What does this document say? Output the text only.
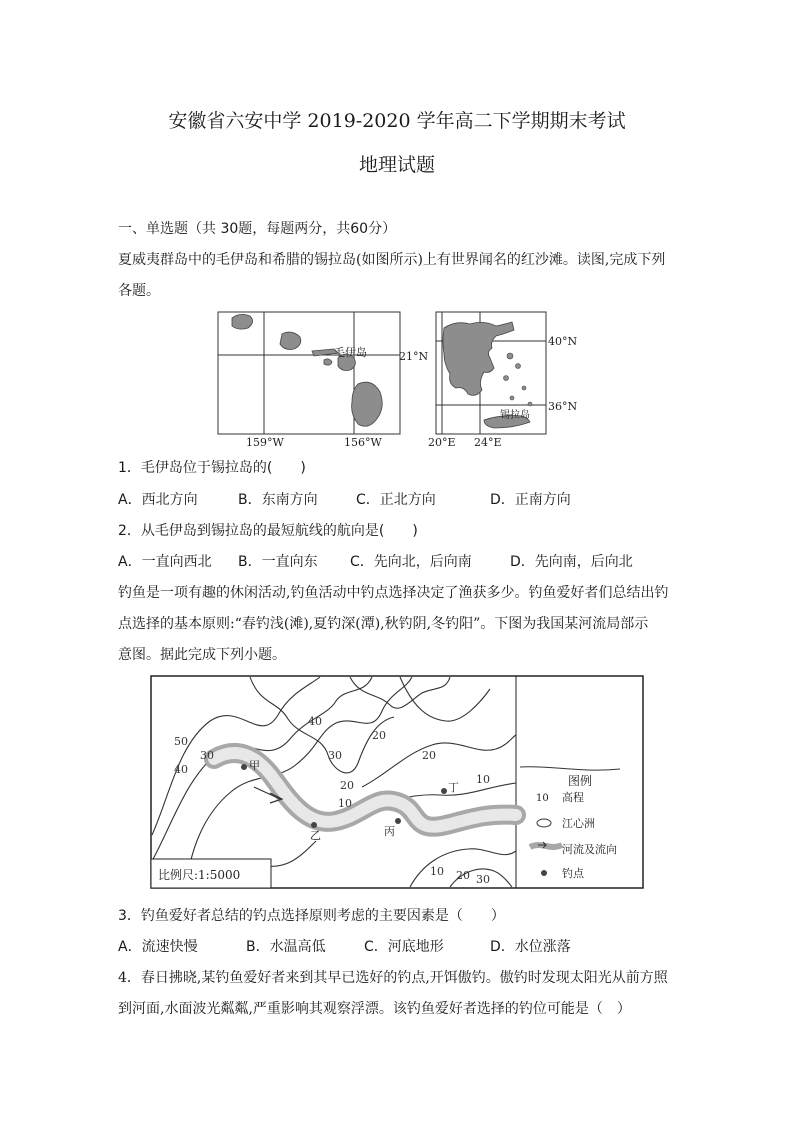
安徽省六安中学 2019-2020 学年高二下学期期末考试
地理试题
一、单选题（共 30题，每题两分，共60分）
夏威夷群岛中的毛伊岛和希腊的锡拉岛(如图所示)上有世界闻名的红沙滩。读图,完成下列
各题。
毛伊岛	21°N
159°W	156°W
40°N
36°N
20°E 24°E
锡拉岛
1．毛伊岛位于锡拉岛的(　　)
A．西北方向	B．东南方向	C．正北方向	D．正南方向
2．从毛伊岛到锡拉岛的最短航线的航向是(　　)
A．一直向西北 B．一直向东 C．先向北，后向南	D．先向南，后向北
钓鱼是一项有趣的休闲活动,钓鱼活动中钓点选择决定了渔获多少。钓鱼爱好者们总结出钓
点选择的基本原则:“春钓浅(滩),夏钓深(潭),秋钓阴,冬钓阳”。下图为我国某河流局部示
意图。据此完成下列小题。
50
40
30
40
30
20
20
10
20
10
10 20 30
甲
乙	丙
丁
比例尺:1:5000
图例
10 高程
江心洲
河流及流向
钓点
3．钓鱼爱好者总结的钓点选择原则考虑的主要因素是（　　）
A．流速快慢	B．水温高低	C．河底地形	D．水位涨落
4．春日拂晓,某钓鱼爱好者来到其早已选好的钓点,开饵傲钓。傲钓时发现太阳光从前方照
到河面,水面波光粼粼,严重影响其观察浮漂。该钓鱼爱好者选择的钓位可能是（　）
